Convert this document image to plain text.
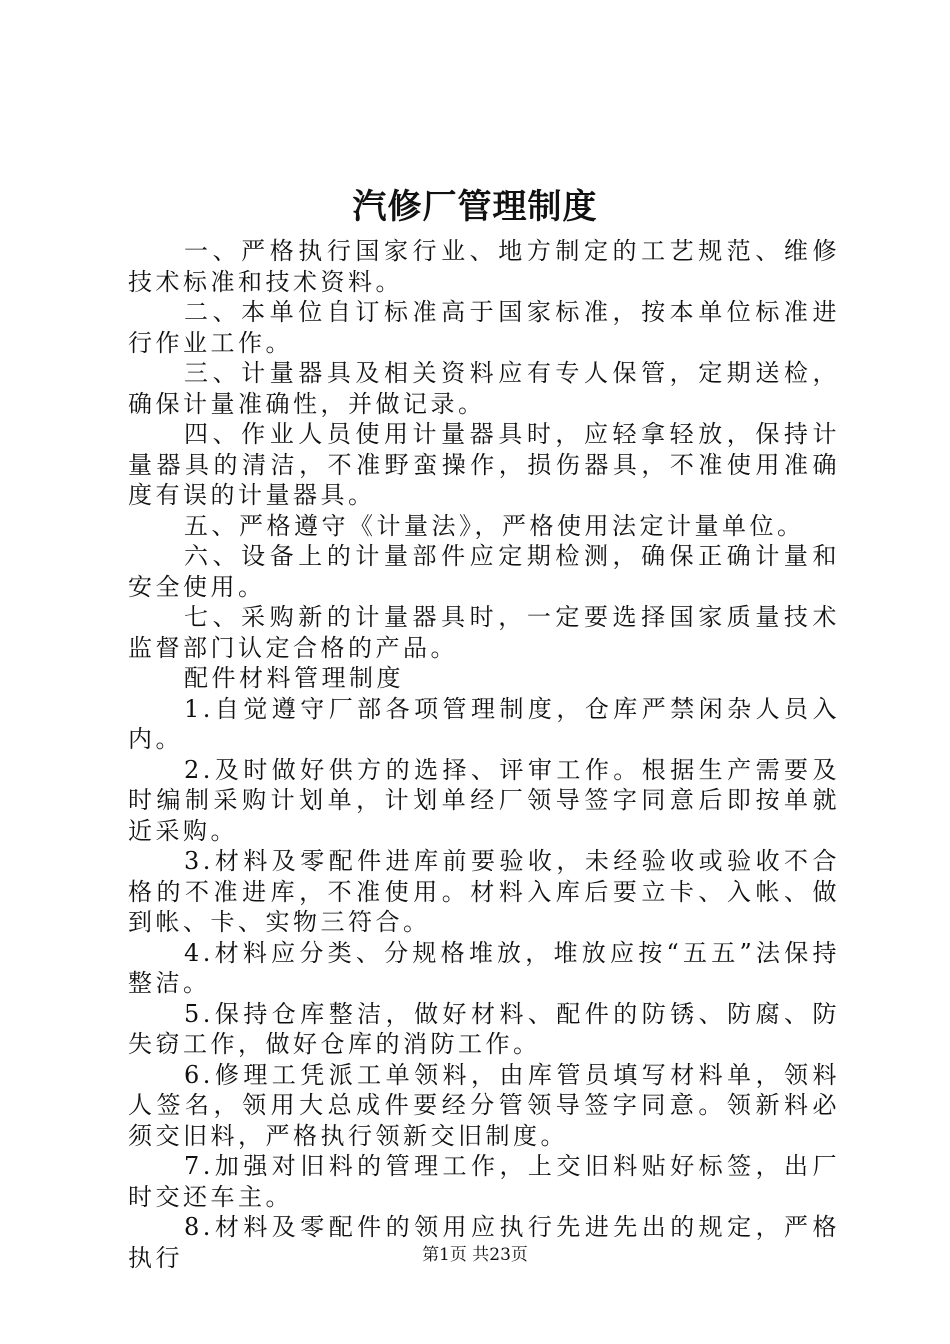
汽修厂管理制度

一、严格执行国家行业、地方制定的工艺规范、维修技术标准和技术资料。

二、本单位自订标准高于国家标准，按本单位标准进行作业工作。

三、计量器具及相关资料应有专人保管，定期送检，确保计量准确性，并做记录。

四、作业人员使用计量器具时，应轻拿轻放，保持计量器具的清洁，不准野蛮操作，损伤器具，不准使用准确度有误的计量器具。

五、严格遵守《计量法》，严格使用法定计量单位。

六、设备上的计量部件应定期检测，确保正确计量和安全使用。

七、采购新的计量器具时，一定要选择国家质量技术监督部门认定合格的产品。

配件材料管理制度

1.自觉遵守厂部各项管理制度，仓库严禁闲杂人员入内。

2.及时做好供方的选择、评审工作。根据生产需要及时编制采购计划单，计划单经厂领导签字同意后即按单就近采购。

3.材料及零配件进库前要验收，未经验收或验收不合格的不准进库，不准使用。材料入库后要立卡、入帐、做到帐、卡、实物三符合。

4.材料应分类、分规格堆放，堆放应按“五五”法保持整洁。

5.保持仓库整洁，做好材料、配件的防锈、防腐、防失窃工作，做好仓库的消防工作。

6.修理工凭派工单领料，由库管员填写材料单，领料人签名，领用大总成件要经分管领导签字同意。领新料必须交旧料，严格执行领新交旧制度。

7.加强对旧料的管理工作，上交旧料贴好标签，出厂时交还车主。

8.材料及零配件的领用应执行先进先出的规定，严格执行	第1页 共23页
